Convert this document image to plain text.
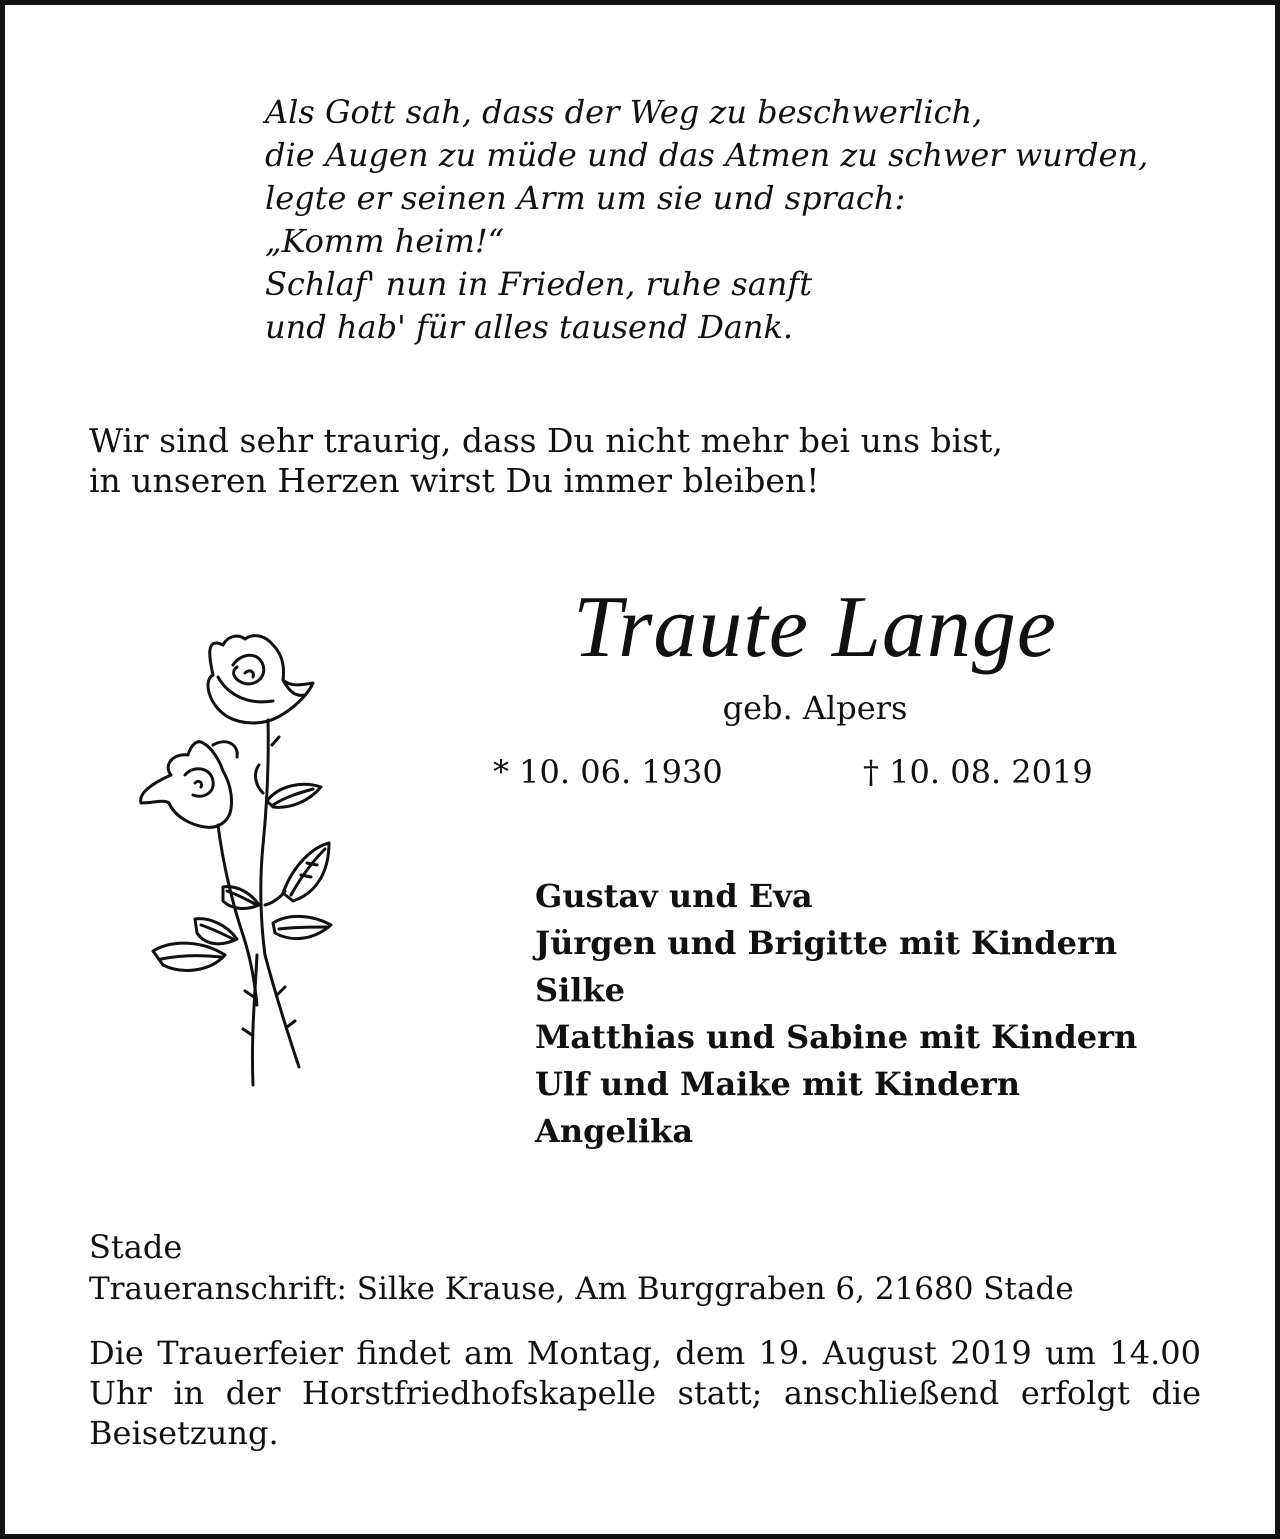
Als Gott sah, dass der Weg zu beschwerlich,
die Augen zu müde und das Atmen zu schwer wurden,
legte er seinen Arm um sie und sprach:
„Komm heim!“
Schlaf' nun in Frieden, ruhe sanft
und hab' für alles tausend Dank.
Wir sind sehr traurig, dass Du nicht mehr bei uns bist,
in unseren Herzen wirst Du immer bleiben!
Traute Lange
geb. Alpers
* 10. 06. 1930	† 10. 08. 2019
Gustav und Eva
Jürgen und Brigitte mit Kindern
Silke
Matthias und Sabine mit Kindern
Ulf und Maike mit Kindern
Angelika
Stade
Traueranschrift: Silke Krause, Am Burggraben 6, 21680 Stade
Die Trauerfeier findet am Montag, dem 19. August 2019 um 14.00 Uhr in der Horstfriedhofskapelle statt; anschließend erfolgt die Beisetzung.
